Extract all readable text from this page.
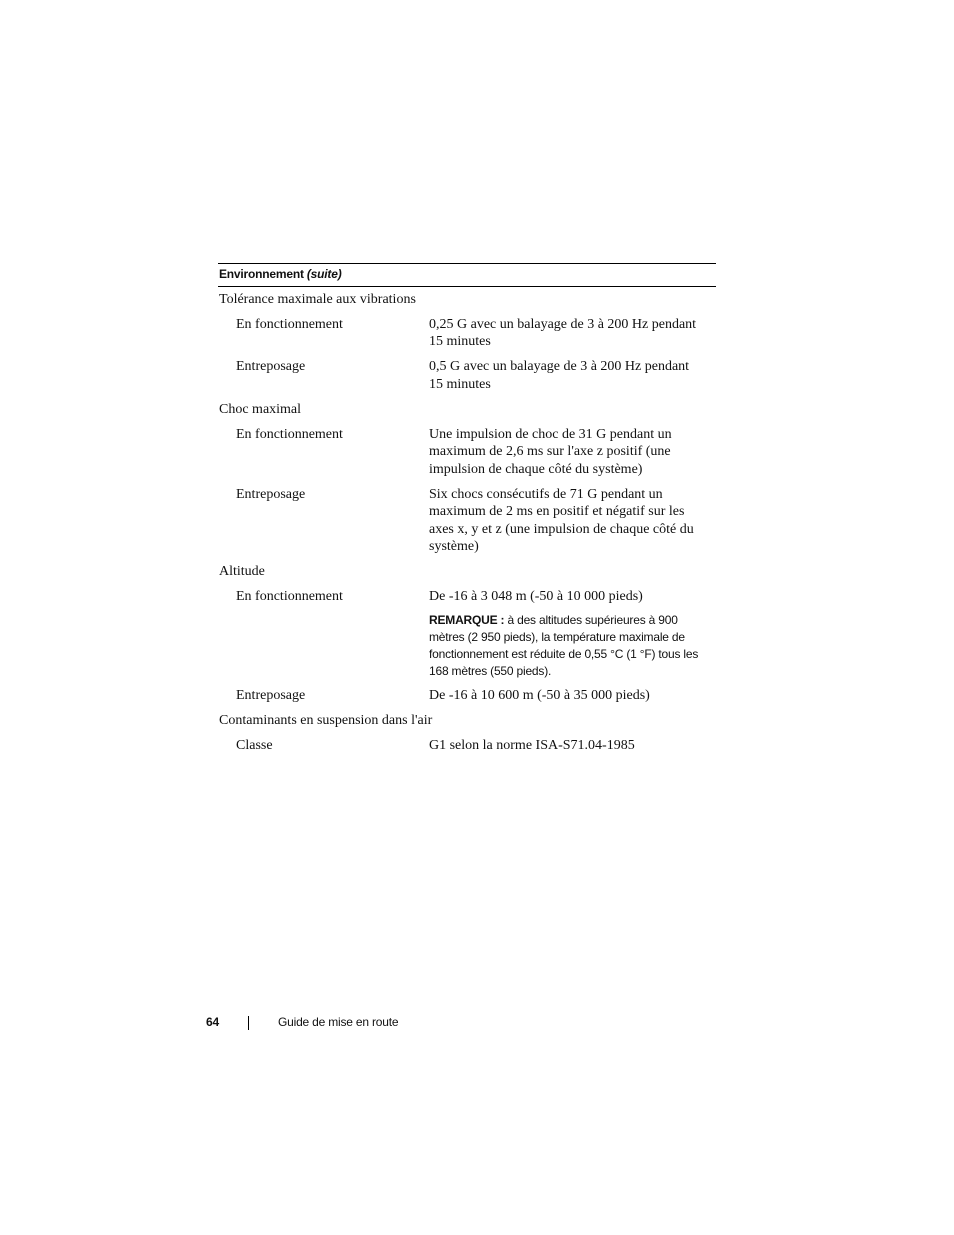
Environnement (suite)
Tolérance maximale aux vibrations
En fonctionnement	0,25 G avec un balayage de 3 à 200 Hz pendant 15 minutes
Entreposage	0,5 G avec un balayage de 3 à 200 Hz pendant 15 minutes
Choc maximal
En fonctionnement	Une impulsion de choc de 31 G pendant un maximum de 2,6 ms sur l'axe z positif (une impulsion de chaque côté du système)
Entreposage	Six chocs consécutifs de 71 G pendant un maximum de 2 ms en positif et négatif sur les axes x, y et z (une impulsion de chaque côté du système)
Altitude
En fonctionnement	De -16 à 3 048 m (-50 à 10 000 pieds)
REMARQUE : à des altitudes supérieures à 900 mètres (2 950 pieds), la température maximale de fonctionnement est réduite de 0,55 °C (1 °F) tous les 168 mètres (550 pieds).
Entreposage	De -16 à 10 600 m (-50 à 35 000 pieds)
Contaminants en suspension dans l'air
Classe	G1 selon la norme ISA-S71.04-1985
64	Guide de mise en route
